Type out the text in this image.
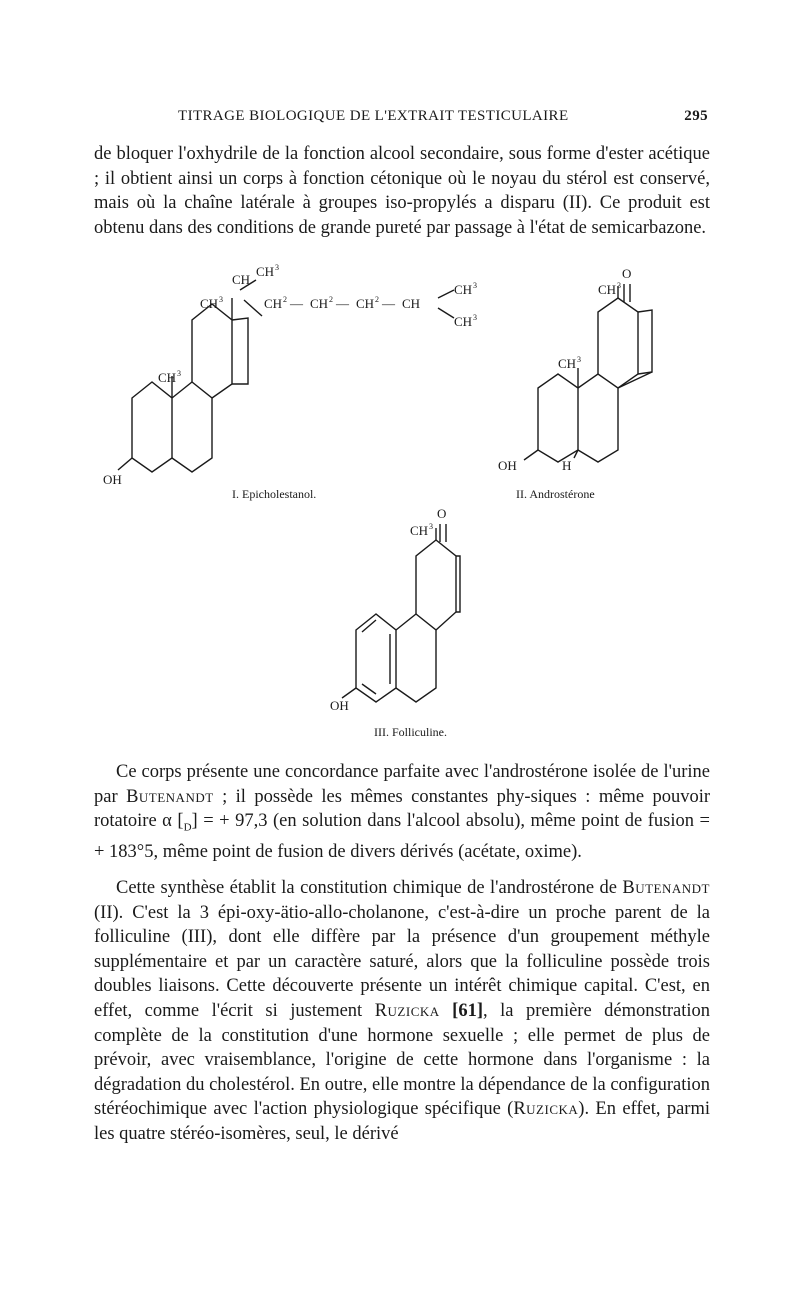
TITRAGE BIOLOGIQUE DE L'EXTRAIT TESTICULAIRE	295

de bloquer l'oxhydrile de la fonction alcool secondaire, sous forme d'ester acétique ; il obtient ainsi un corps à fonction cétonique où le noyau du stérol est conservé, mais où la chaîne latérale à groupes iso-propylés a disparu (II). Ce produit est obtenu dans des conditions de grande pureté par passage à l'état de semicarbazone.

CH
CH 3
CH 3	CH 2 — CH 2 — CH 2 — CH
CH 3
CH 3
CH 3
OH
I. Epicholestanol.
O
CH 3
CH 3
OH	H
II. Androstérone
O
CH 3
OH
III. Folliculine.

Ce corps présente une concordance parfaite avec l'androstérone isolée de l'urine par Butenandt ; il possède les mêmes constantes phy-siques : même pouvoir rotatoire α $[_D]$ = + 97,3 (en solution dans l'alcool absolu), même point de fusion = + 183°5, même point de fusion de divers dérivés (acétate, oxime).

Cette synthèse établit la constitution chimique de l'androstérone de Butenandt (II). C'est la 3 épi-oxy-ätio-allo-cholanone, c'est-à-dire un proche parent de la folliculine (III), dont elle diffère par la présence d'un groupement méthyle supplémentaire et par un caractère saturé, alors que la folliculine possède trois doubles liaisons. Cette découverte présente un intérêt chimique capital. C'est, en effet, comme l'écrit si justement Ruzicka [61], la première démonstration complète de la constitution d'une hormone sexuelle ; elle permet de plus de prévoir, avec vraisemblance, l'origine de cette hormone dans l'organisme : la dégradation du cholestérol. En outre, elle montre la dépendance de la configuration stéréochimique avec l'action physiologique spécifique (Ruzicka). En effet, parmi les quatre stéréo-isomères, seul, le dérivé
